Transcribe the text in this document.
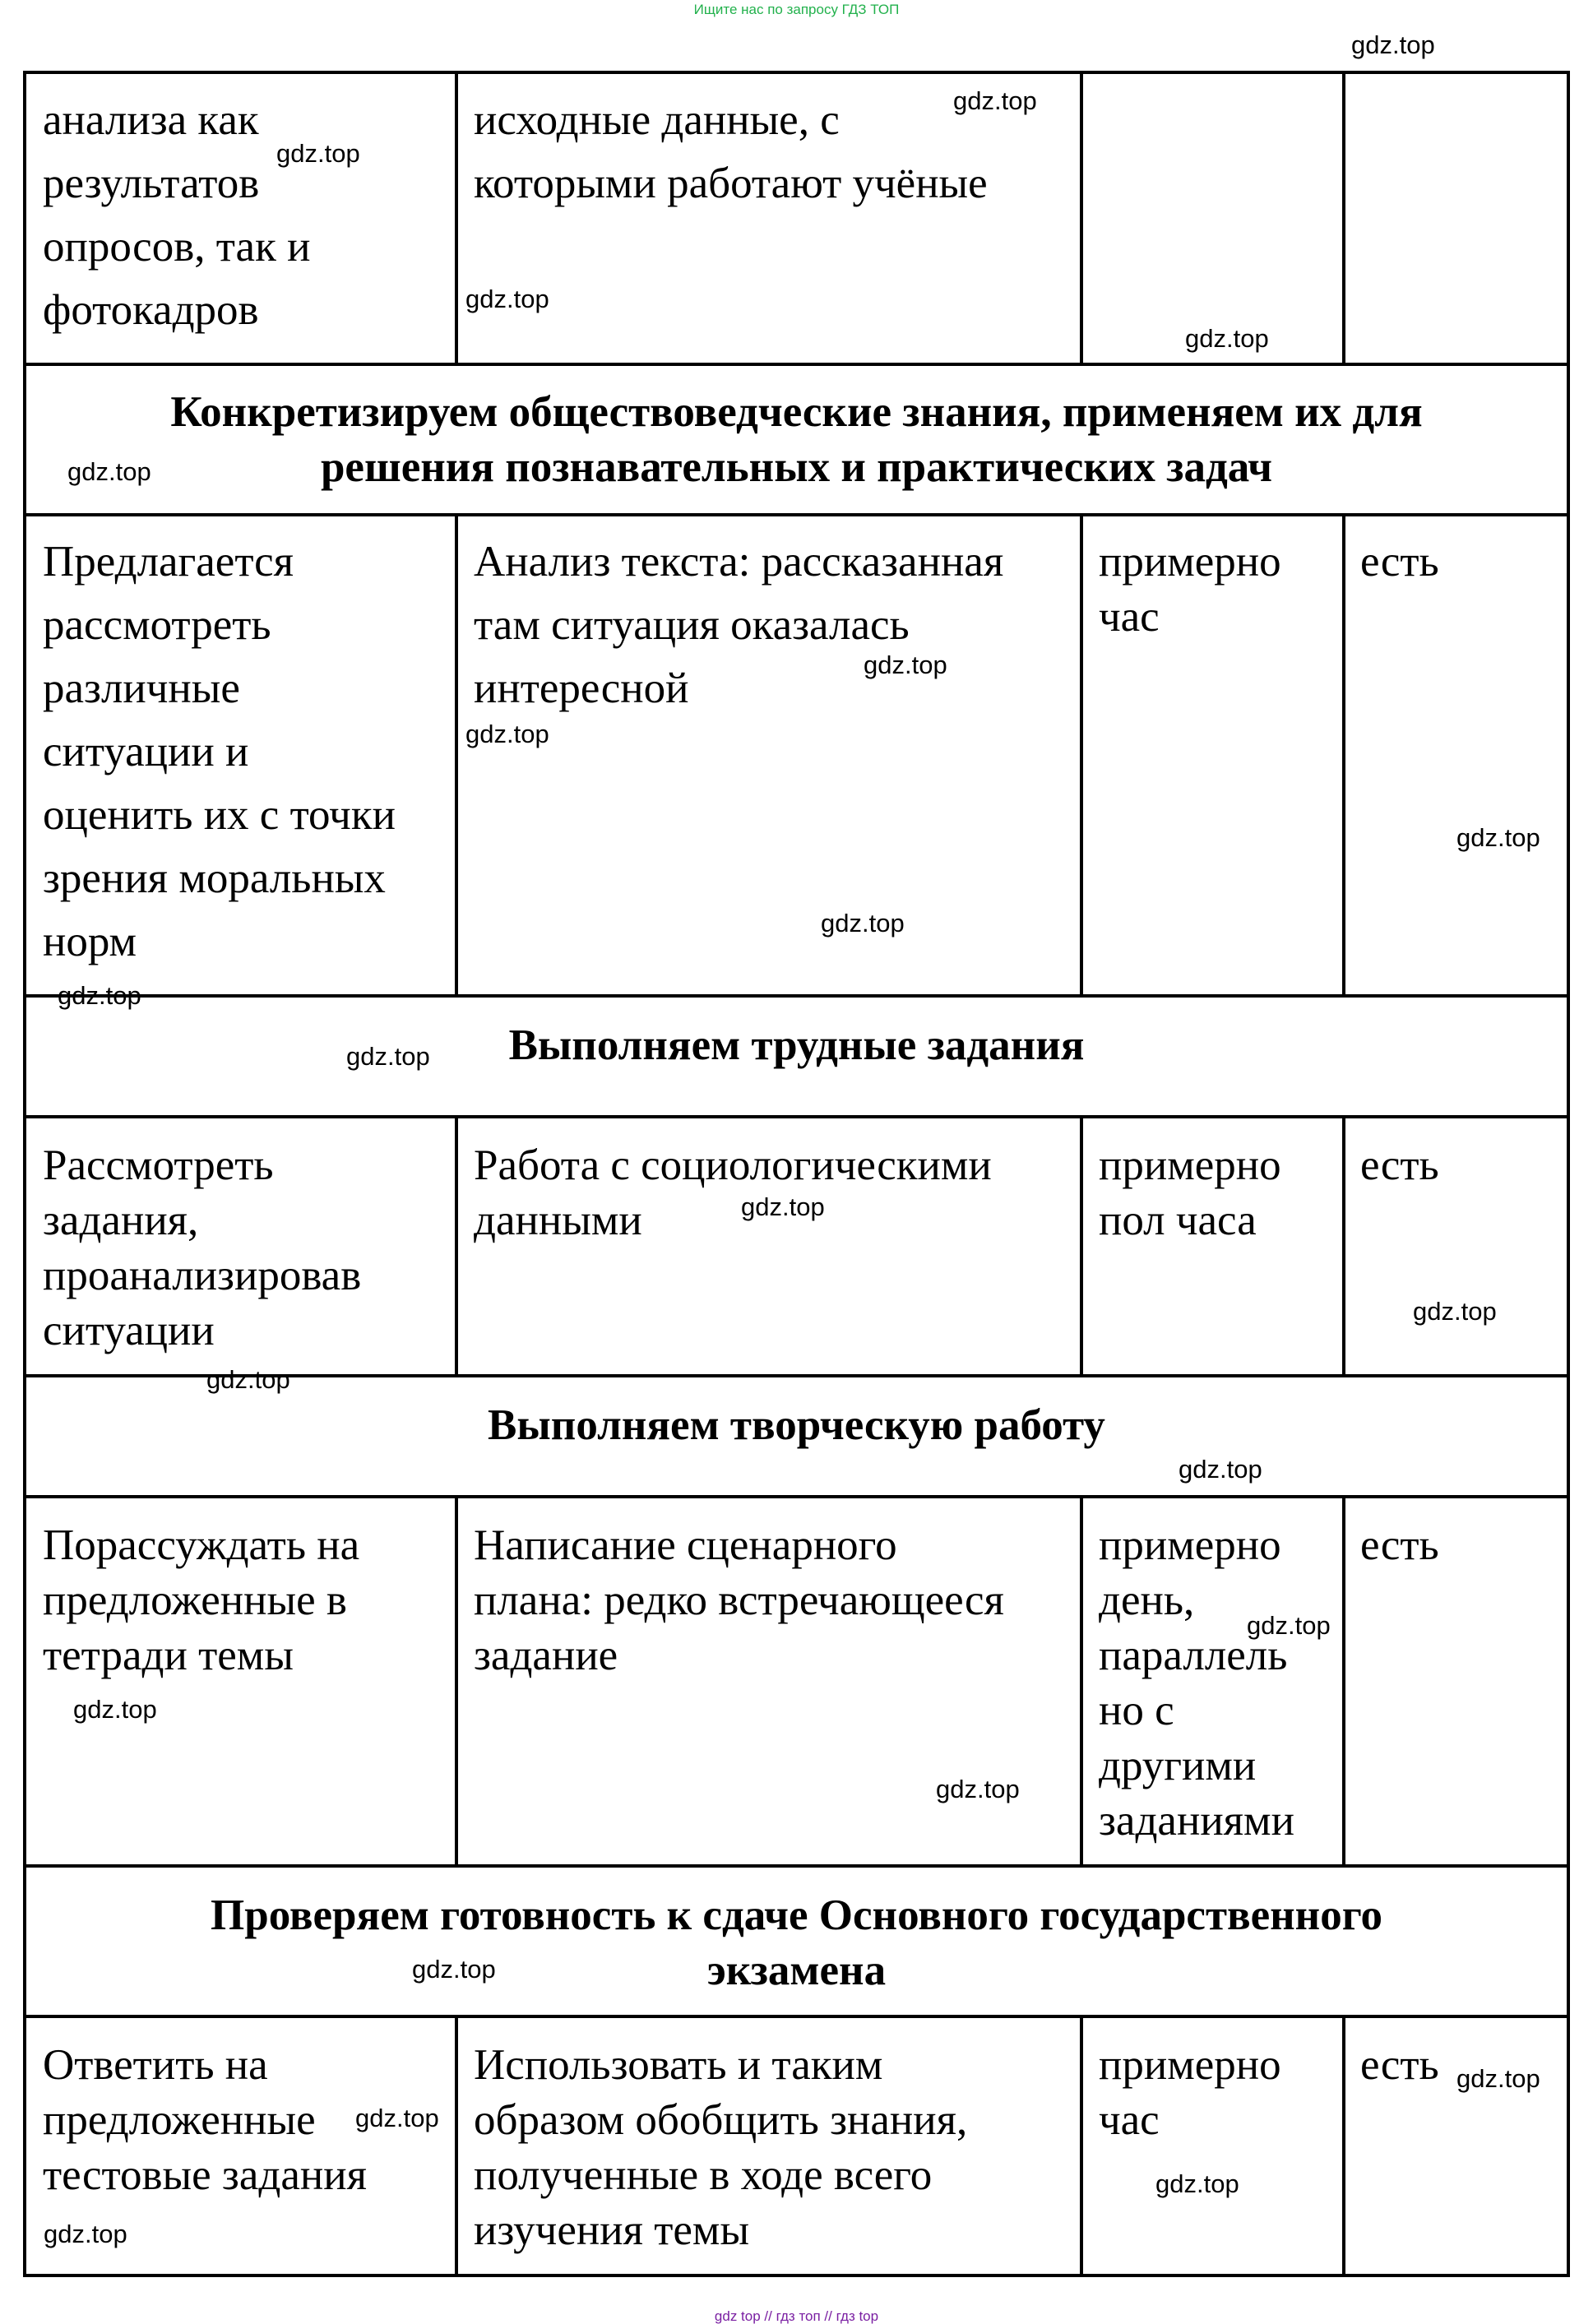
Ищите нас по запросу ГДЗ ТОП
анализа как
результатов
опросов, так и
фотокадров
исходные данные, с
которыми работают учёные
Конкретизируем обществоведческие знания, применяем их для
решения познавательных и практических задач
Предлагается
рассмотреть
различные
ситуации и
оценить их с точки
зрения моральных
норм
Анализ текста: рассказанная
там ситуация оказалась
интересной
примерно
час
есть
Выполняем трудные задания
Рассмотреть
задания,
проанализировав
ситуации
Работа с социологическими
данными
примерно
пол часа
есть
Выполняем творческую работу
Порассуждать на
предложенные в
тетради темы
Написание сценарного
плана: редко встречающееся
задание
примерно
день,
параллель
но с
другими
заданиями
есть
Проверяем готовность к сдаче Основного государственного
экзамена
Ответить на
предложенные
тестовые задания
Использовать и таким
образом обобщить знания,
полученные в ходе всего
изучения темы
примерно
час
есть
gdz.top
gdz.top
gdz.top
gdz.top
gdz.top
gdz.top
gdz.top
gdz.top
gdz.top
gdz.top
gdz.top
gdz.top
gdz.top
gdz.top
gdz.top
gdz.top
gdz.top
gdz.top
gdz.top
gdz.top
gdz.top
gdz.top
gdz.top
gdz.top
gdz top // гдз топ // гдз top
